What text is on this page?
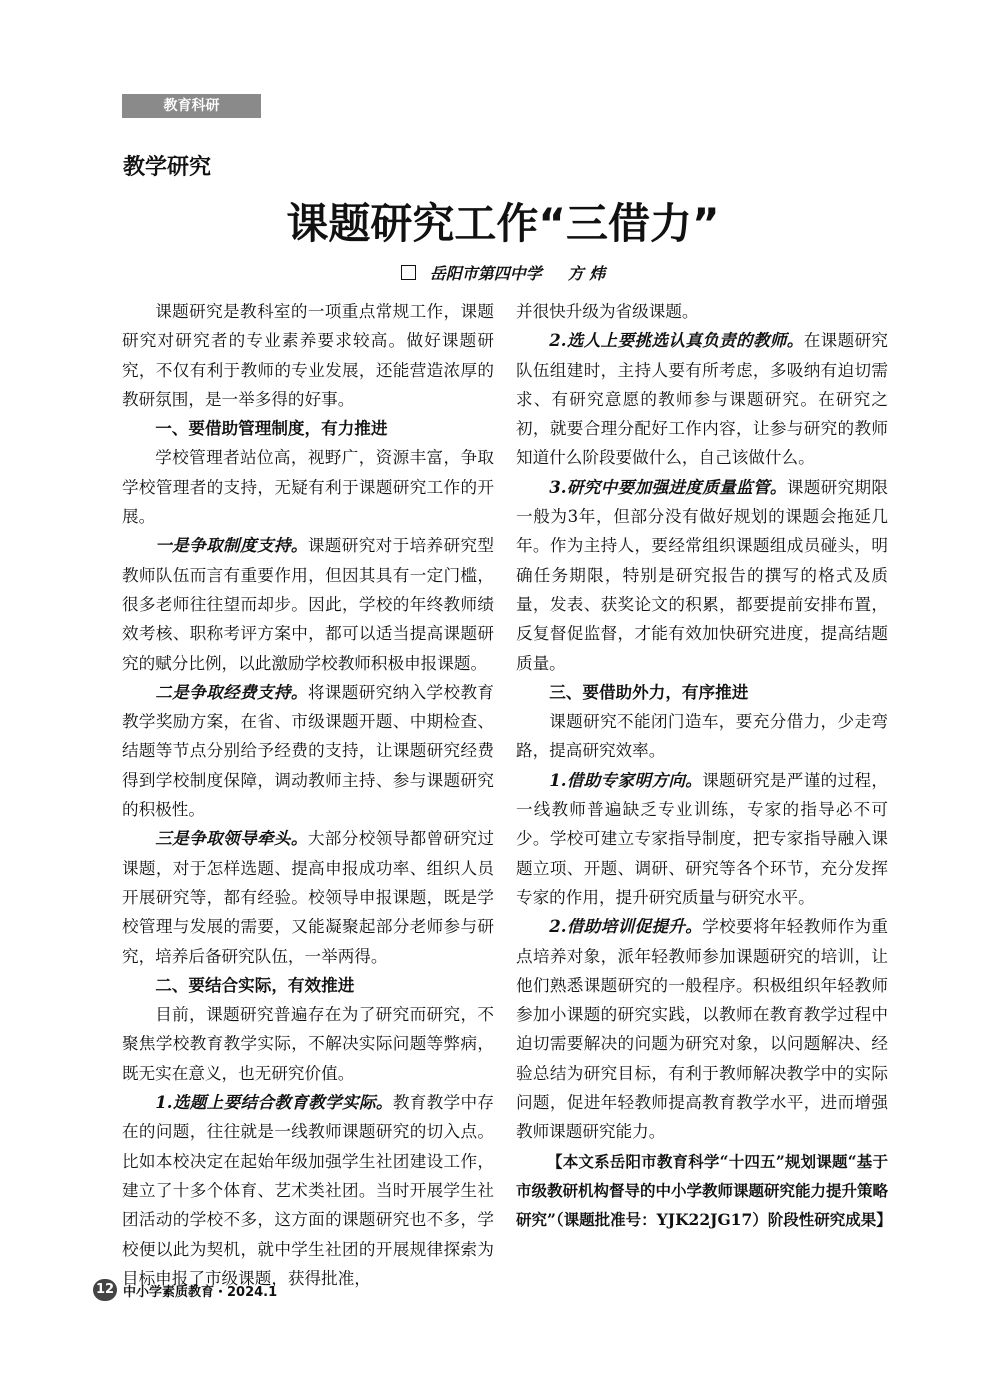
教育科研
教学研究
课题研究工作“三借力”
岳阳市第四中学 方 炜

课题研究是教科室的一项重点常规工作，课题研究对研究者的专业素养要求较高。做好课题研究，不仅有利于教师的专业发展，还能营造浓厚的教研氛围，是一举多得的好事。

一、要借助管理制度，有力推进

学校管理者站位高，视野广，资源丰富，争取学校管理者的支持，无疑有利于课题研究工作的开展。

一是争取制度支持。课题研究对于培养研究型教师队伍而言有重要作用，但因其具有一定门槛，很多老师往往望而却步。因此，学校的年终教师绩效考核、职称考评方案中，都可以适当提高课题研究的赋分比例，以此激励学校教师积极申报课题。

二是争取经费支持。将课题研究纳入学校教育教学奖励方案，在省、市级课题开题、中期检查、结题等节点分别给予经费的支持，让课题研究经费得到学校制度保障，调动教师主持、参与课题研究的积极性。

三是争取领导牵头。大部分校领导都曾研究过课题，对于怎样选题、提高申报成功率、组织人员开展研究等，都有经验。校领导申报课题，既是学校管理与发展的需要，又能凝聚起部分老师参与研究，培养后备研究队伍，一举两得。

二、要结合实际，有效推进

目前，课题研究普遍存在为了研究而研究，不聚焦学校教育教学实际，不解决实际问题等弊病，既无实在意义，也无研究价值。

1.选题上要结合教育教学实际。教育教学中存在的问题，往往就是一线教师课题研究的切入点。比如本校决定在起始年级加强学生社团建设工作，建立了十多个体育、艺术类社团。当时开展学生社团活动的学校不多，这方面的课题研究也不多，学校便以此为契机，就中学生社团的开展规律探索为目标申报了市级课题，获得批准，

并很快升级为省级课题。

2.选人上要挑选认真负责的教师。在课题研究队伍组建时，主持人要有所考虑，多吸纳有迫切需求、有研究意愿的教师参与课题研究。在研究之初，就要合理分配好工作内容，让参与研究的教师知道什么阶段要做什么，自己该做什么。

3.研究中要加强进度质量监管。课题研究期限一般为3年，但部分没有做好规划的课题会拖延几年。作为主持人，要经常组织课题组成员碰头，明确任务期限，特别是研究报告的撰写的格式及质量，发表、获奖论文的积累，都要提前安排布置，反复督促监督，才能有效加快研究进度，提高结题质量。

三、要借助外力，有序推进

课题研究不能闭门造车，要充分借力，少走弯路，提高研究效率。

1.借助专家明方向。课题研究是严谨的过程，一线教师普遍缺乏专业训练，专家的指导必不可少。学校可建立专家指导制度，把专家指导融入课题立项、开题、调研、研究等各个环节，充分发挥专家的作用，提升研究质量与研究水平。

2.借助培训促提升。学校要将年轻教师作为重点培养对象，派年轻教师参加课题研究的培训，让他们熟悉课题研究的一般程序。积极组织年轻教师参加小课题的研究实践，以教师在教育教学过程中迫切需要解决的问题为研究对象，以问题解决、经验总结为研究目标，有利于教师解决教学中的实际问题，促进年轻教师提高教育教学水平，进而增强教师课题研究能力。

【本文系岳阳市教育科学“十四五”规划课题“基于市级教研机构督导的中小学教师课题研究能力提升策略研究”（课题批准号：YJK22JG17）阶段性研究成果】

12 中小学素质教育・2024.1
